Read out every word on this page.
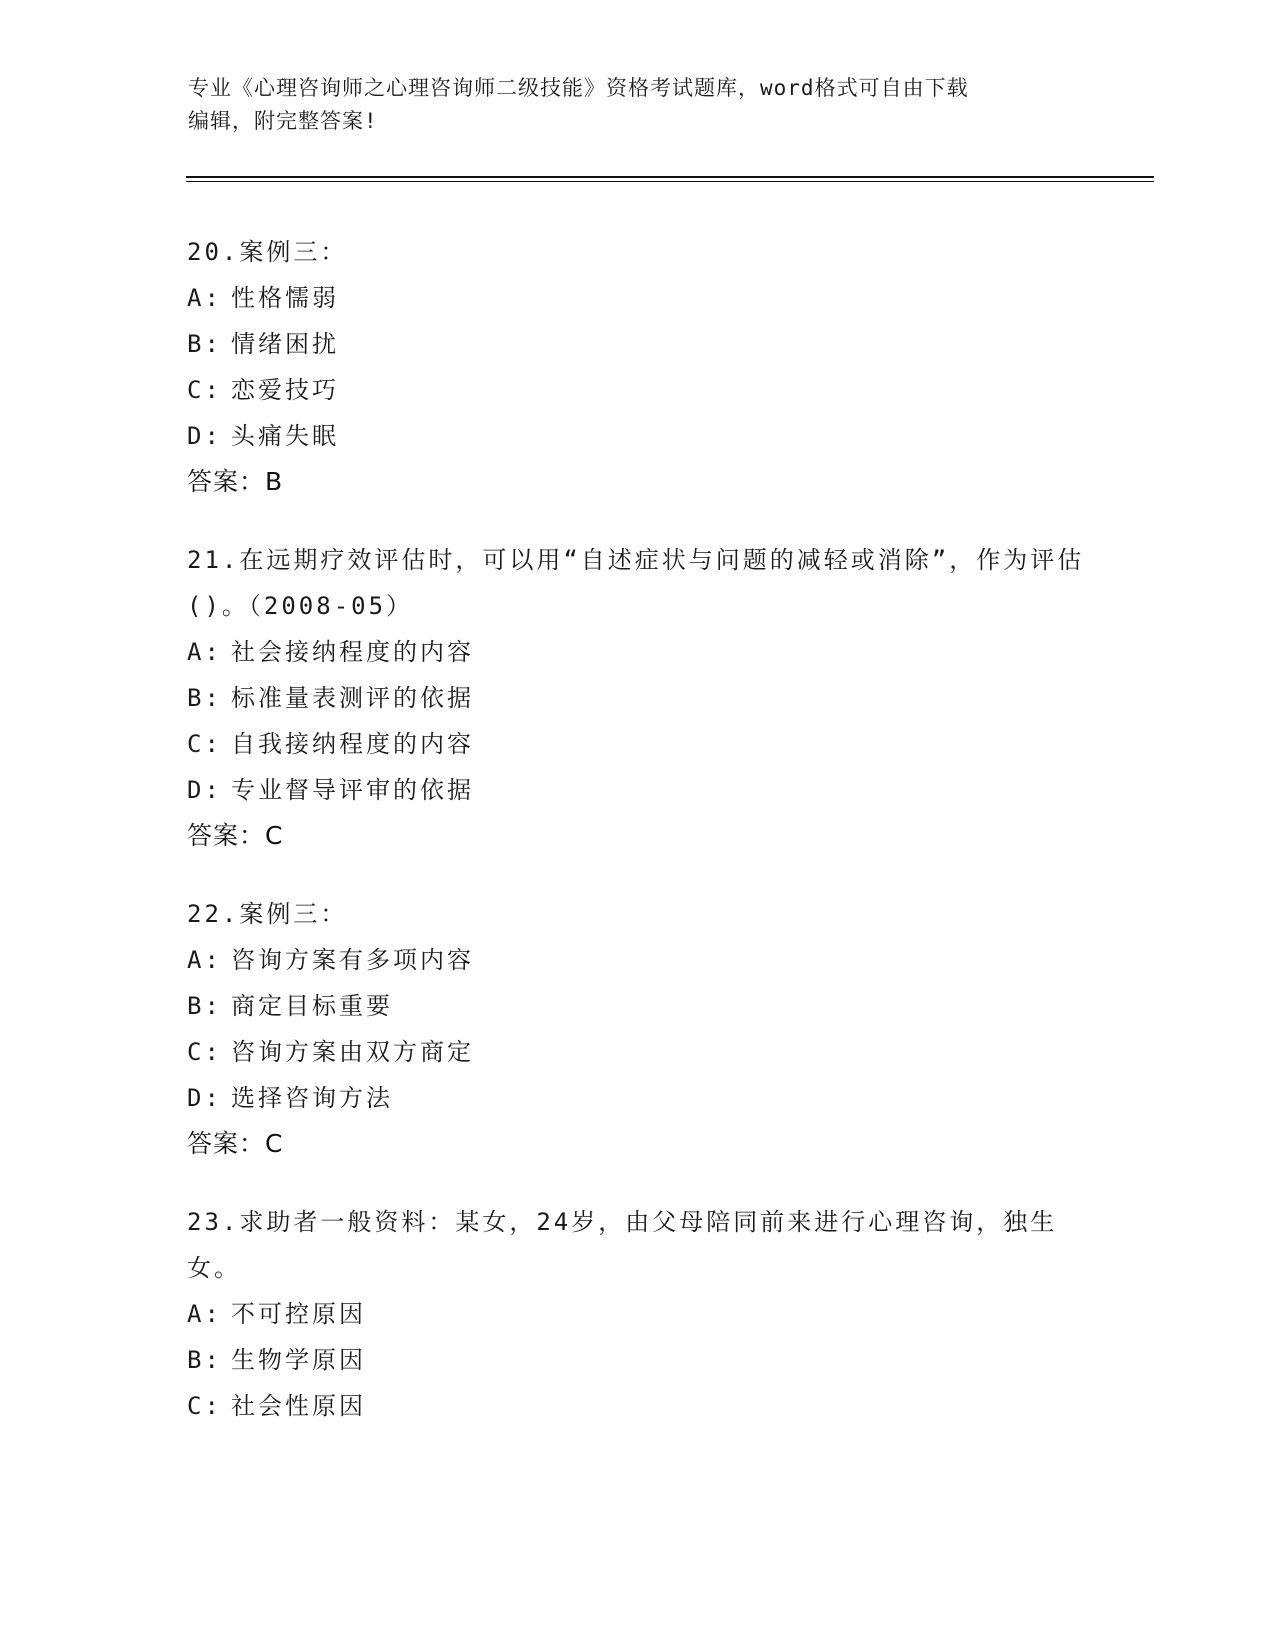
专业《心理咨询师之心理咨询师二级技能》资格考试题库，word格式可自由下载
编辑，附完整答案!
20.案例三：
A: 性格懦弱
B: 情绪困扰
C: 恋爱技巧
D: 头痛失眠
答案：B
21.在远期疗效评估时，可以用“自述症状与问题的减轻或消除”，作为评估()。（2008-05）
A: 社会接纳程度的内容
B: 标准量表测评的依据
C: 自我接纳程度的内容
D: 专业督导评审的依据
答案：C
22.案例三：
A: 咨询方案有多项内容
B: 商定目标重要
C: 咨询方案由双方商定
D: 选择咨询方法
答案：C
23.求助者一般资料：某女，24岁，由父母陪同前来进行心理咨询，独生女。
A: 不可控原因
B: 生物学原因
C: 社会性原因
